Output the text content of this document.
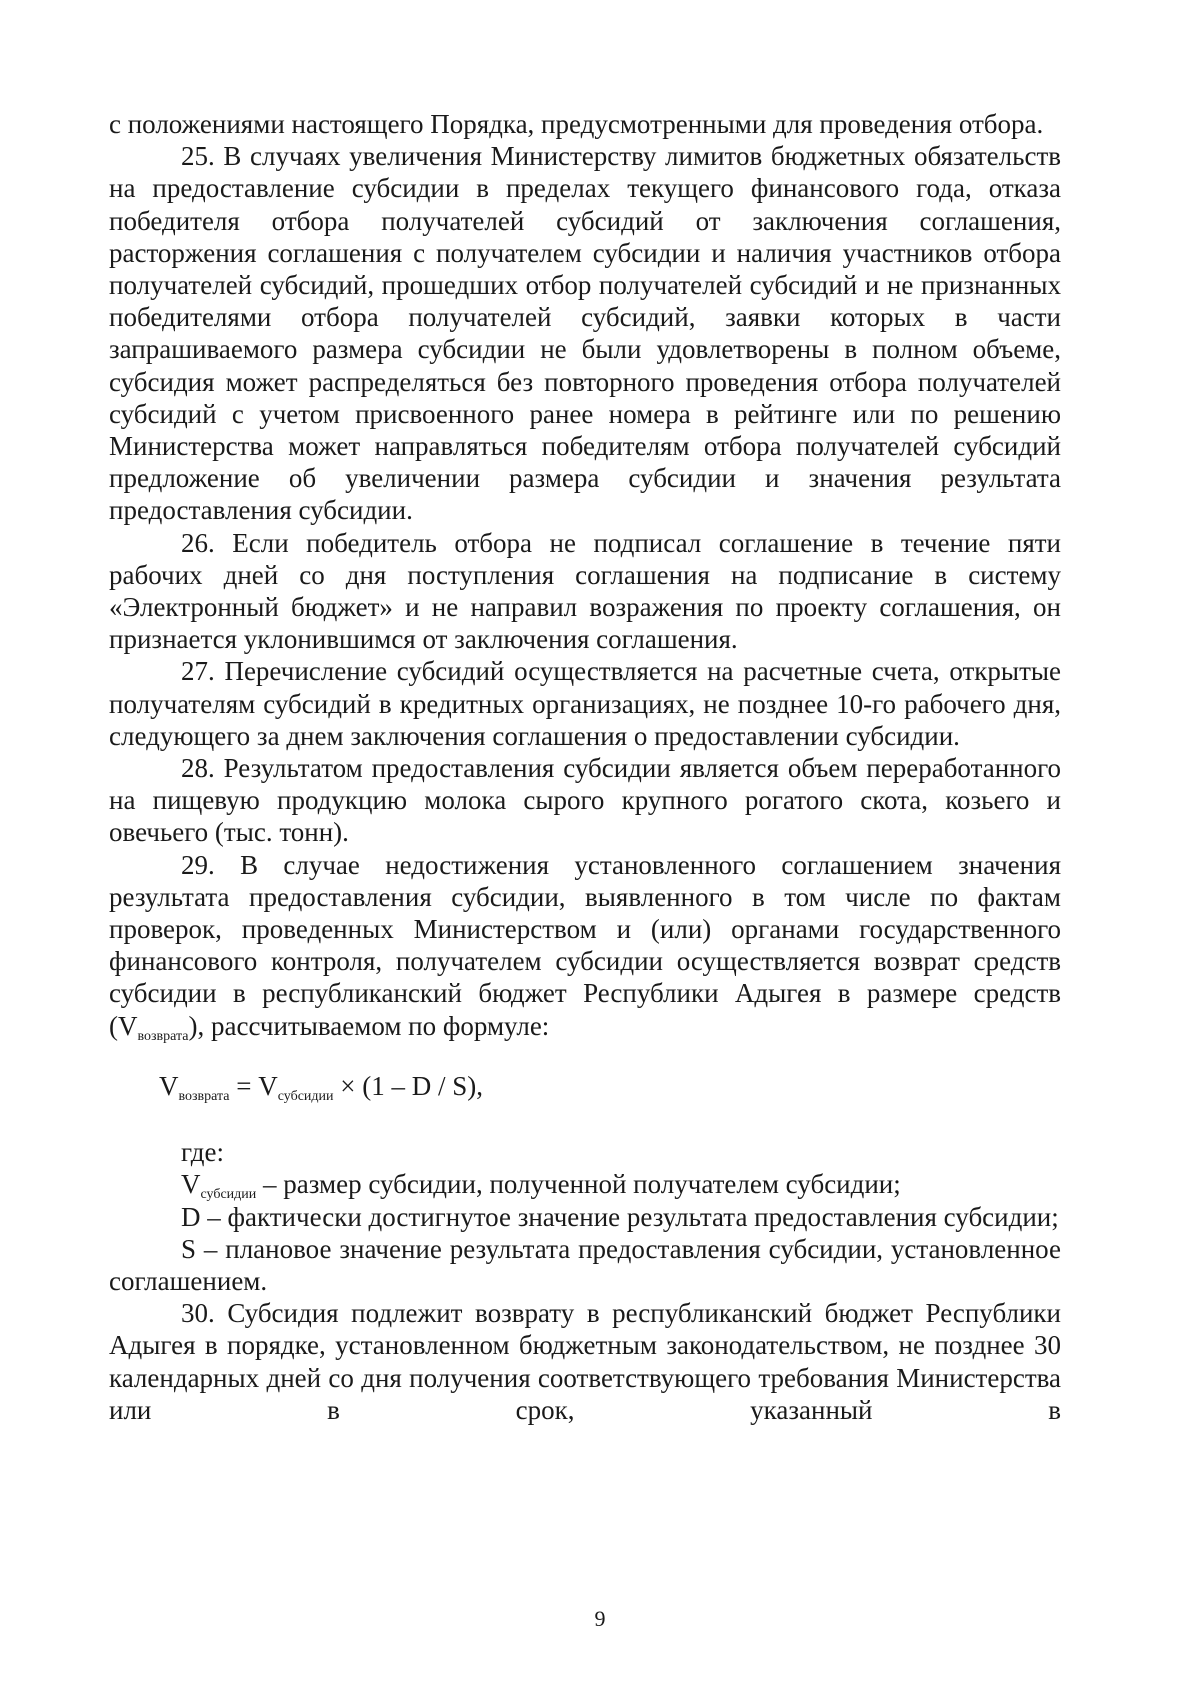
с положениями настоящего Порядка, предусмотренными для проведения отбора.

25. В случаях увеличения Министерству лимитов бюджетных обязательств на предоставление субсидии в пределах текущего финансового года, отказа победителя отбора получателей субсидий от заключения соглашения, расторжения соглашения с получателем субсидии и наличия участников отбора получателей субсидий, прошедших отбор получателей субсидий и не признанных победителями отбора получателей субсидий, заявки которых в части запрашиваемого размера субсидии не были удовлетворены в полном объеме, субсидия может распределяться без повторного проведения отбора получателей субсидий с учетом присвоенного ранее номера в рейтинге или по решению Министерства может направляться победителям отбора получателей субсидий предложение об увеличении размера субсидии и значения результата предоставления субсидии.

26. Если победитель отбора не подписал соглашение в течение пяти рабочих дней со дня поступления соглашения на подписание в систему «Электронный бюджет» и не направил возражения по проекту соглашения, он признается уклонившимся от заключения соглашения.

27. Перечисление субсидий осуществляется на расчетные счета, открытые получателям субсидий в кредитных организациях, не позднее 10-го рабочего дня, следующего за днем заключения соглашения о предоставлении субсидии.

28. Результатом предоставления субсидии является объем переработанного на пищевую продукцию молока сырого крупного рогатого скота, козьего и овечьего (тыс. тонн).

29. В случае недостижения установленного соглашением значения результата предоставления субсидии, выявленного в том числе по фактам проверок, проведенных Министерством и (или) органами государственного финансового контроля, получателем субсидии осуществляется возврат средств субсидии в республиканский бюджет Республики Адыгея в размере средств $(V_{возврата})$, рассчитываемом по формуле:

$V_{возврата} = V_{субсидии} \times (1 - D / S)$,

где:

$V_{субсидии}$ – размер субсидии, полученной получателем субсидии;

D – фактически достигнутое значение результата предоставления субсидии;

S – плановое значение результата предоставления субсидии, установленное соглашением.

30. Субсидия подлежит возврату в республиканский бюджет Республики Адыгея в порядке, установленном бюджетным законодательством, не позднее 30 календарных дней со дня получения соответствующего требования Министерства или в срок, указанный в

9
